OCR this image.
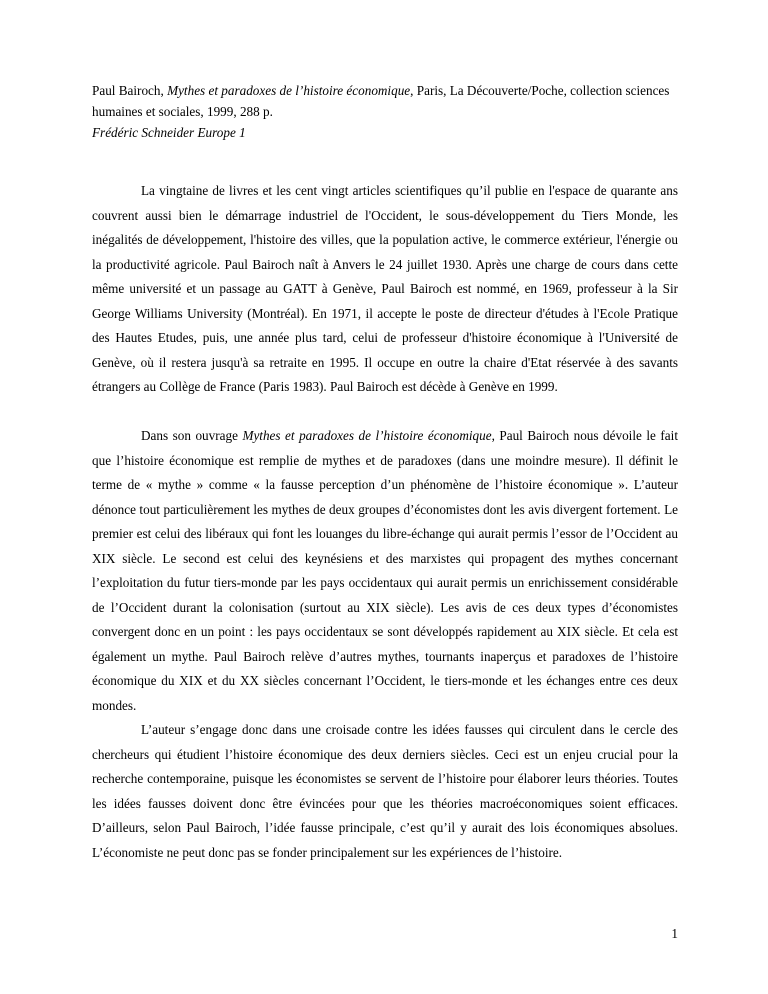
Paul Bairoch, Mythes et paradoxes de l’histoire économique, Paris, La Découverte/Poche, collection sciences humaines et sociales, 1999, 288 p.

Frédéric Schneider Europe 1

La vingtaine de livres et les cent vingt articles scientifiques qu’il publie en l'espace de quarante ans couvrent aussi bien le démarrage industriel de l'Occident, le sous-développement du Tiers Monde, les inégalités de développement, l'histoire des villes, que la population active, le commerce extérieur, l'énergie ou la productivité agricole. Paul Bairoch naît à Anvers le 24 juillet 1930. Après une charge de cours dans cette même université et un passage au GATT à Genève, Paul Bairoch est nommé, en 1969, professeur à la Sir George Williams University (Montréal). En 1971, il accepte le poste de directeur d'études à l'Ecole Pratique des Hautes Etudes, puis, une année plus tard, celui de professeur d'histoire économique à l'Université de Genève, où il restera jusqu'à sa retraite en 1995. Il occupe en outre la chaire d'Etat réservée à des savants étrangers au Collège de France (Paris 1983). Paul Bairoch est décède à Genève en 1999.

Dans son ouvrage Mythes et paradoxes de l’histoire économique, Paul Bairoch nous dévoile le fait que l’histoire économique est remplie de mythes et de paradoxes (dans une moindre mesure). Il définit le terme de « mythe » comme « la fausse perception d’un phénomène de l’histoire économique ». L’auteur dénonce tout particulièrement les mythes de deux groupes d’économistes dont les avis divergent fortement. Le premier est celui des libéraux qui font les louanges du libre-échange qui aurait permis l’essor de l’Occident au XIX siècle. Le second est celui des keynésiens et des marxistes qui propagent des mythes concernant l’exploitation du futur tiers-monde par les pays occidentaux qui aurait permis un enrichissement considérable de l’Occident durant la colonisation (surtout au XIX siècle). Les avis de ces deux types d’économistes convergent donc en un point : les pays occidentaux se sont développés rapidement au XIX siècle. Et cela est également un mythe. Paul Bairoch relève d’autres mythes, tournants inaperçus et paradoxes de l’histoire économique du XIX et du XX siècles concernant l’Occident, le tiers-monde et les échanges entre ces deux mondes.

L’auteur s’engage donc dans une croisade contre les idées fausses qui circulent dans le cercle des chercheurs qui étudient l’histoire économique des deux derniers siècles. Ceci est un enjeu crucial pour la recherche contemporaine, puisque les économistes se servent de l’histoire pour élaborer leurs théories. Toutes les idées fausses doivent donc être évincées pour que les théories macroéconomiques soient efficaces. D’ailleurs, selon Paul Bairoch, l’idée fausse principale, c’est qu’il y aurait des lois économiques absolues. L’économiste ne peut donc pas se fonder principalement sur les expériences de l’histoire.

1
